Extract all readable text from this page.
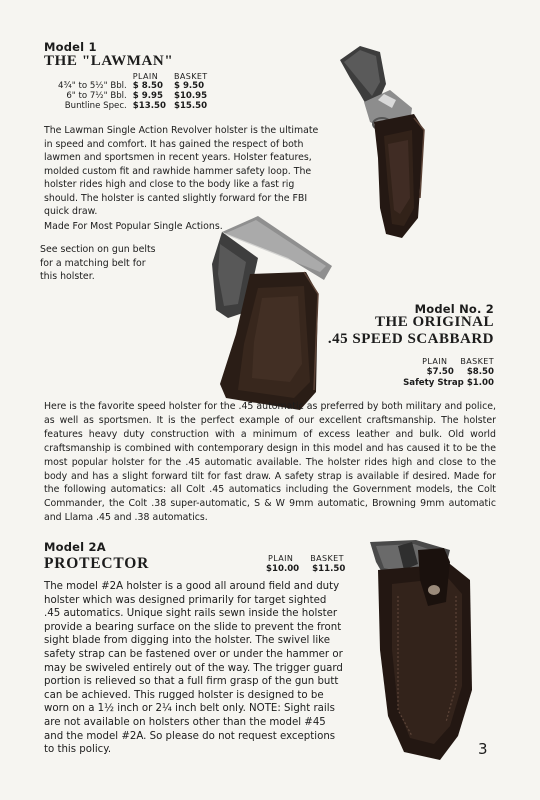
Model 1
THE "LAWMAN"
	PLAIN	BASKET
4¾" to 5½" Bbl.	$ 8.50	$ 9.50
6" to 7½" Bbl.	$ 9.95	$10.95
Buntline Spec.	$13.50	$15.50
The Lawman Single Action Revolver holster is the ultimate in speed and comfort. It has gained the respect of both lawmen and sportsmen in recent years. Holster features, molded custom fit and rawhide hammer safety loop. The holster rides high and close to the body like a fast rig should. The holster is canted slightly forward for the FBI quick draw.
Made For Most Popular Single Actions.
See section on gun belts for a matching belt for this holster.
Model No. 2
THE ORIGINAL
.45 SPEED SCABBARD
PLAIN BASKET
$7.50 $8.50
Safety Strap $1.00
Here is the favorite speed holster for the .45 automatic as preferred by both military and police, as well as sportsmen. It is the perfect example of our excellent craftsmanship. The holster features heavy duty construction with a minimum of excess leather and bulk. Old world craftsmanship is combined with contemporary design in this model and has caused it to be the most popular holster for the .45 automatic available. The holster rides high and close to the body and has a slight forward tilt for fast draw. A safety strap is available if desired. Made for the following automatics: all Colt .45 automatics including the Government models, the Colt Commander, the Colt .38 super-automatic, S & W 9mm automatic, Browning 9mm automatic and Llama .45 and .38 automatics.
Model 2A
PROTECTOR	PLAIN BASKET
$10.00 $11.50
The model #2A holster is a good all around field and duty holster which was designed primarily for target sighted .45 automatics. Unique sight rails sewn inside the holster provide a bearing surface on the slide to prevent the front sight blade from digging into the holster. The swivel like safety strap can be fastened over or under the hammer or may be swiveled entirely out of the way. The trigger guard portion is relieved so that a full firm grasp of the gun butt can be achieved. This rugged holster is designed to be worn on a 1½ inch or 2¼ inch belt only. NOTE: Sight rails are not available on holsters other than the model #45 and the model #2A. So please do not request exceptions to this policy.	3
